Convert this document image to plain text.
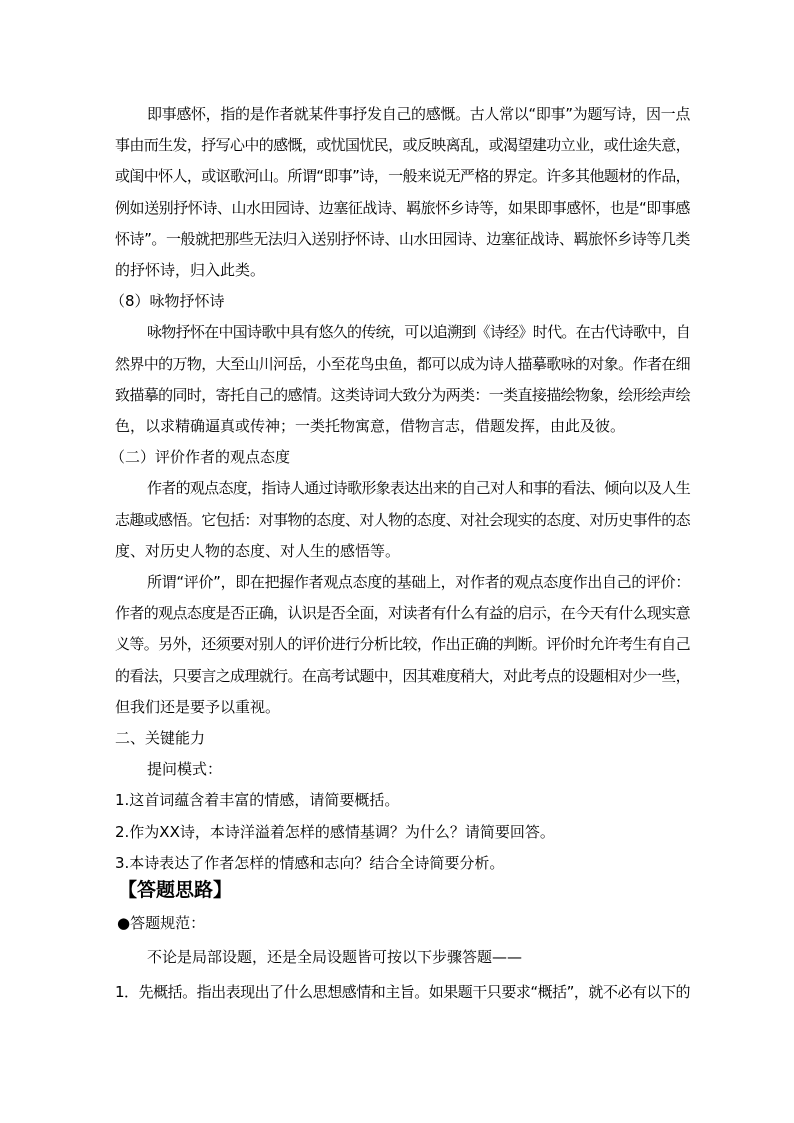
即事感怀，指的是作者就某件事抒发自己的感慨。古人常以“即事”为题写诗，因一点
事由而生发，抒写心中的感慨，或忧国忧民，或反映离乱，或渴望建功立业，或仕途失意，
或闺中怀人，或讴歌河山。所谓“即事”诗，一般来说无严格的界定。许多其他题材的作品，
例如送别抒怀诗、山水田园诗、边塞征战诗、羁旅怀乡诗等，如果即事感怀，也是“即事感
怀诗”。一般就把那些无法归入送别抒怀诗、山水田园诗、边塞征战诗、羁旅怀乡诗等几类
的抒怀诗，归入此类。
（8）咏物抒怀诗
咏物抒怀在中国诗歌中具有悠久的传统，可以追溯到《诗经》时代。在古代诗歌中，自
然界中的万物，大至山川河岳，小至花鸟虫鱼，都可以成为诗人描摹歌咏的对象。作者在细
致描摹的同时，寄托自己的感情。这类诗词大致分为两类：一类直接描绘物象，绘形绘声绘
色，以求精确逼真或传神；一类托物寓意，借物言志，借题发挥，由此及彼。
（二）评价作者的观点态度
作者的观点态度，指诗人通过诗歌形象表达出来的自己对人和事的看法、倾向以及人生
志趣或感悟。它包括：对事物的态度、对人物的态度、对社会现实的态度、对历史事件的态
度、对历史人物的态度、对人生的感悟等。
所谓“评价”，即在把握作者观点态度的基础上，对作者的观点态度作出自己的评价：
作者的观点态度是否正确，认识是否全面，对读者有什么有益的启示，在今天有什么现实意
义等。另外，还须要对别人的评价进行分析比较，作出正确的判断。评价时允许考生有自己
的看法，只要言之成理就行。在高考试题中，因其难度稍大，对此考点的设题相对少一些，
但我们还是要予以重视。
二、关键能力
提问模式：
1.这首词蕴含着丰富的情感，请简要概括。
2.作为XX诗，本诗洋溢着怎样的感情基调？为什么？请简要回答。
3.本诗表达了作者怎样的情感和志向？结合全诗简要分析。
【答题思路】
●答题规范：
不论是局部设题，还是全局设题皆可按以下步骤答题——
1．先概括。指出表现出了什么思想感情和主旨。如果题干只要求“概括”，就不必有以下的
